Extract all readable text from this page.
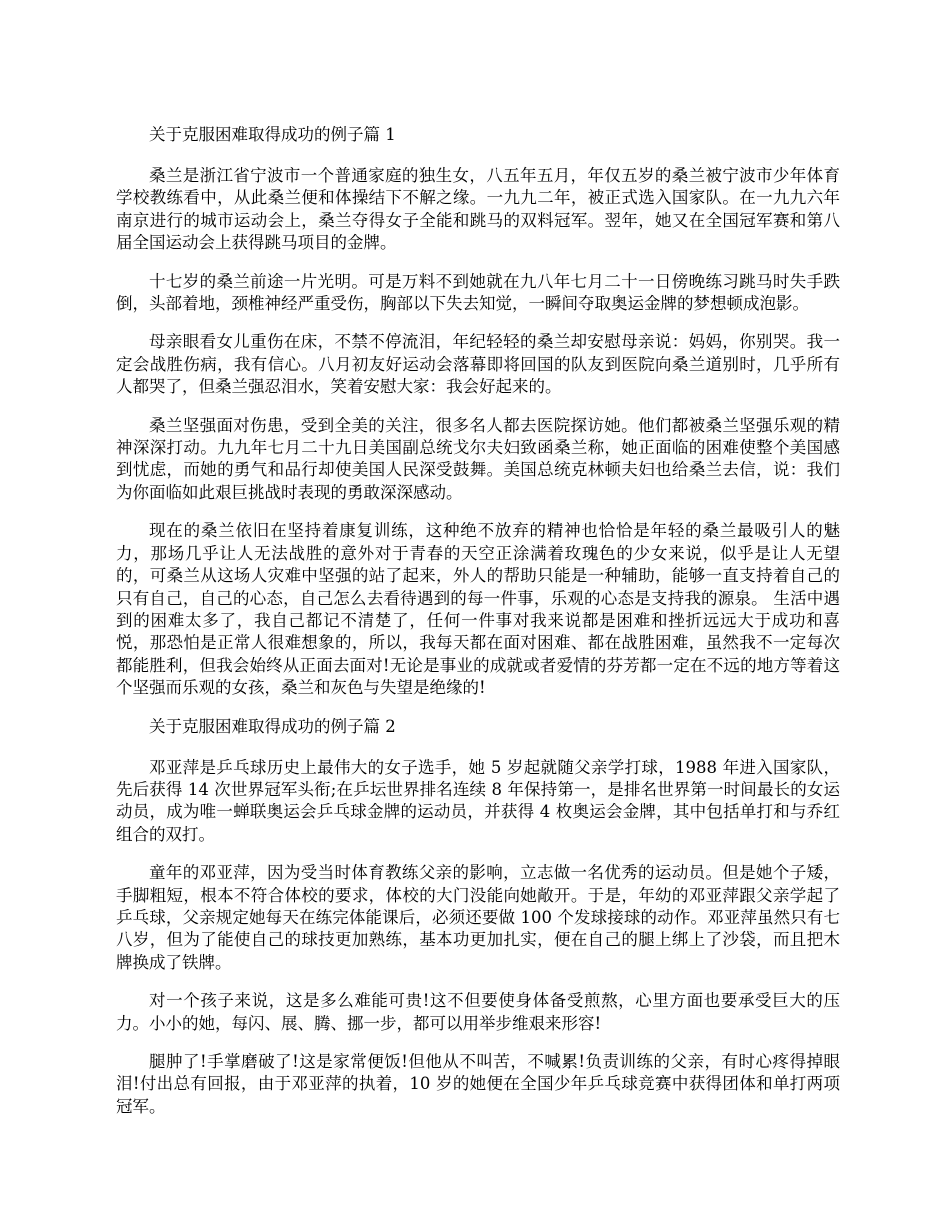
关于克服困难取得成功的例子篇 1

桑兰是浙江省宁波市一个普通家庭的独生女，八五年五月，年仅五岁的桑兰被宁波市少年体育学校教练看中，从此桑兰便和体操结下不解之缘。一九九二年，被正式选入国家队。在一九九六年南京进行的城市运动会上，桑兰夺得女子全能和跳马的双料冠军。翌年，她又在全国冠军赛和第八届全国运动会上获得跳马项目的金牌。

十七岁的桑兰前途一片光明。可是万料不到她就在九八年七月二十一日傍晚练习跳马时失手跌倒，头部着地，颈椎神经严重受伤，胸部以下失去知觉，一瞬间夺取奥运金牌的梦想顿成泡影。

母亲眼看女儿重伤在床，不禁不停流泪，年纪轻轻的桑兰却安慰母亲说：妈妈，你别哭。我一定会战胜伤病，我有信心。八月初友好运动会落幕即将回国的队友到医院向桑兰道别时，几乎所有人都哭了，但桑兰强忍泪水，笑着安慰大家：我会好起来的。

桑兰坚强面对伤患，受到全美的关注，很多名人都去医院探访她。他们都被桑兰坚强乐观的精神深深打动。九九年七月二十九日美国副总统戈尔夫妇致函桑兰称，她正面临的困难使整个美国感到忧虑，而她的勇气和品行却使美国人民深受鼓舞。美国总统克林顿夫妇也给桑兰去信，说：我们为你面临如此艰巨挑战时表现的勇敢深深感动。

现在的桑兰依旧在坚持着康复训练，这种绝不放弃的精神也恰恰是年轻的桑兰最吸引人的魅力，那场几乎让人无法战胜的意外对于青春的天空正涂满着玫瑰色的少女来说，似乎是让人无望的，可桑兰从这场人灾难中坚强的站了起来，外人的帮助只能是一种辅助，能够一直支持着自己的只有自己，自己的心态，自己怎么去看待遇到的每一件事，乐观的心态是支持我的源泉。 生活中遇到的困难太多了，我自己都记不清楚了，任何一件事对我来说都是困难和挫折远远大于成功和喜悦，那恐怕是正常人很难想象的，所以，我每天都在面对困难、都在战胜困难，虽然我不一定每次都能胜利，但我会始终从正面去面对!无论是事业的成就或者爱情的芬芳都一定在不远的地方等着这个坚强而乐观的女孩，桑兰和灰色与失望是绝缘的!

关于克服困难取得成功的例子篇 2

邓亚萍是乒乓球历史上最伟大的女子选手，她 5 岁起就随父亲学打球，1988 年进入国家队，先后获得 14 次世界冠军头衔;在乒坛世界排名连续 8 年保持第一，是排名世界第一时间最长的女运动员，成为唯一蝉联奥运会乒乓球金牌的运动员，并获得 4 枚奥运会金牌，其中包括单打和与乔红组合的双打。

童年的邓亚萍，因为受当时体育教练父亲的影响，立志做一名优秀的运动员。但是她个子矮，手脚粗短，根本不符合体校的要求，体校的大门没能向她敞开。于是，年幼的邓亚萍跟父亲学起了乒乓球，父亲规定她每天在练完体能课后，必须还要做 100 个发球接球的动作。邓亚萍虽然只有七八岁，但为了能使自己的球技更加熟练，基本功更加扎实，便在自己的腿上绑上了沙袋，而且把木牌换成了铁牌。

对一个孩子来说，这是多么难能可贵!这不但要使身体备受煎熬，心里方面也要承受巨大的压力。小小的她，每闪、展、腾、挪一步，都可以用举步维艰来形容!

腿肿了!手掌磨破了!这是家常便饭!但他从不叫苦，不喊累!负责训练的父亲，有时心疼得掉眼泪!付出总有回报，由于邓亚萍的执着，10 岁的她便在全国少年乒乓球竞赛中获得团体和单打两项冠军。
